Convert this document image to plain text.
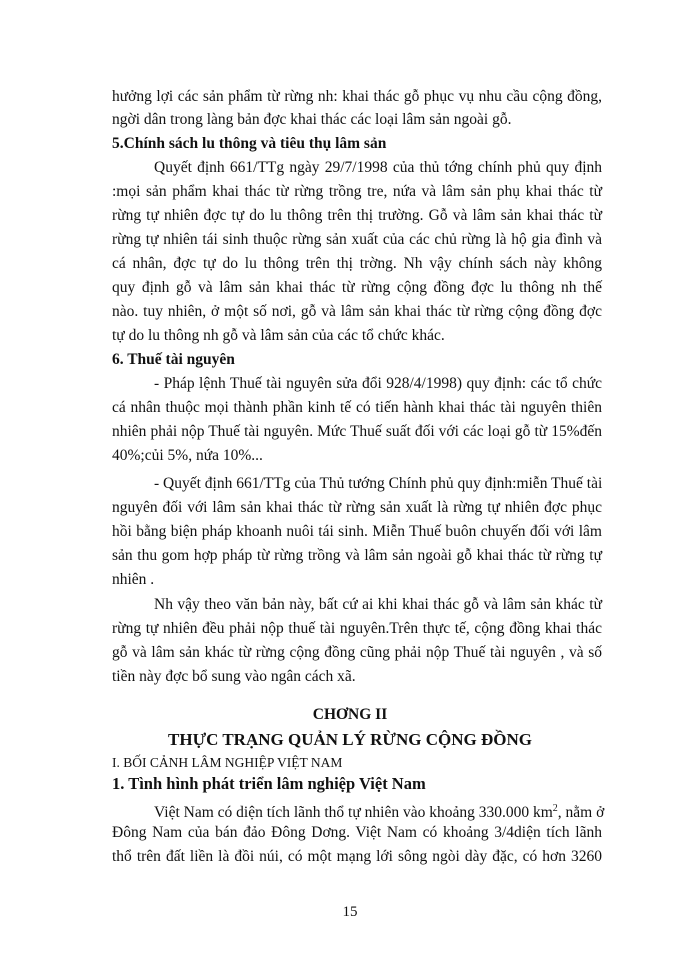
hưởng lợi các sản phẩm từ rừng nh: khai thác gỗ phục vụ nhu cầu cộng đồng,
ngời dân trong làng bản đợc khai thác các loại lâm sản ngoài gỗ.
5.Chính sách lu thông và tiêu thụ lâm sản
Quyết định 661/TTg ngày 29/7/1998 của thủ tớng chính phủ quy định
:mọi sản phẩm khai thác từ rừng trồng tre, nứa và lâm sản phụ khai thác từ
rừng tự nhiên đợc tự do lu thông trên thị trường. Gỗ và lâm sản khai thác từ
rừng tự nhiên tái sinh thuộc rừng sản xuất của các chủ rừng là hộ gia đình và
cá nhân, đợc tự do lu thông trên thị trờng. Nh vậy chính sách này không
quy định gỗ và lâm sản khai thác từ rừng cộng đồng đợc lu thông nh thế
nào. tuy nhiên, ở một số nơi, gỗ và lâm sản khai thác từ rừng cộng đồng đợc
tự do lu thông nh gỗ và lâm sản của các tổ chức khác.
6. Thuế tài nguyên
- Pháp lệnh Thuế tài nguyên sửa đổi 928/4/1998) quy định: các tổ chức
cá nhân thuộc mọi thành phần kinh tế có tiến hành khai thác tài nguyên thiên
nhiên phải nộp Thuế tài nguyên. Mức Thuế suất đối với các loại gỗ từ 15%đến
40%;củi 5%, nứa 10%...
- Quyết định 661/TTg của Thủ tướng Chính phủ quy định:miễn Thuế tài
nguyên đối với lâm sản khai thác từ rừng sản xuất là rừng tự nhiên đợc phục
hồi bằng biện pháp khoanh nuôi tái sinh. Miễn Thuế buôn chuyến đối với lâm
sản thu gom hợp pháp từ rừng trồng và lâm sản ngoài gỗ khai thác từ rừng tự
nhiên .
Nh vậy theo văn bản này, bất cứ ai khi khai thác gỗ và lâm sản khác từ
rừng tự nhiên đều phải nộp thuế tài nguyên.Trên thực tế, cộng đồng khai thác
gỗ và lâm sản khác từ rừng cộng đồng cũng phải nộp Thuế tài nguyên , và số
tiền này đợc bổ sung vào ngân cách xã.
CHƠNG II
THỰC TRẠNG QUẢN LÝ RỪNG CỘNG ĐỒNG
I. BỐI CẢNH LÂM NGHIỆP VIỆT NAM
1. Tình hình phát triển lâm nghiệp Việt Nam
Việt Nam có diện tích lãnh thổ tự nhiên vào khoảng 330.000 $km^2$, nằm ở
Đông Nam của bán đảo Đông Dơng. Việt Nam có khoảng 3/4diện tích lãnh
thổ trên đất liền là đồi núi, có một mạng lới sông ngòi dày đặc, có hơn 3260
15
